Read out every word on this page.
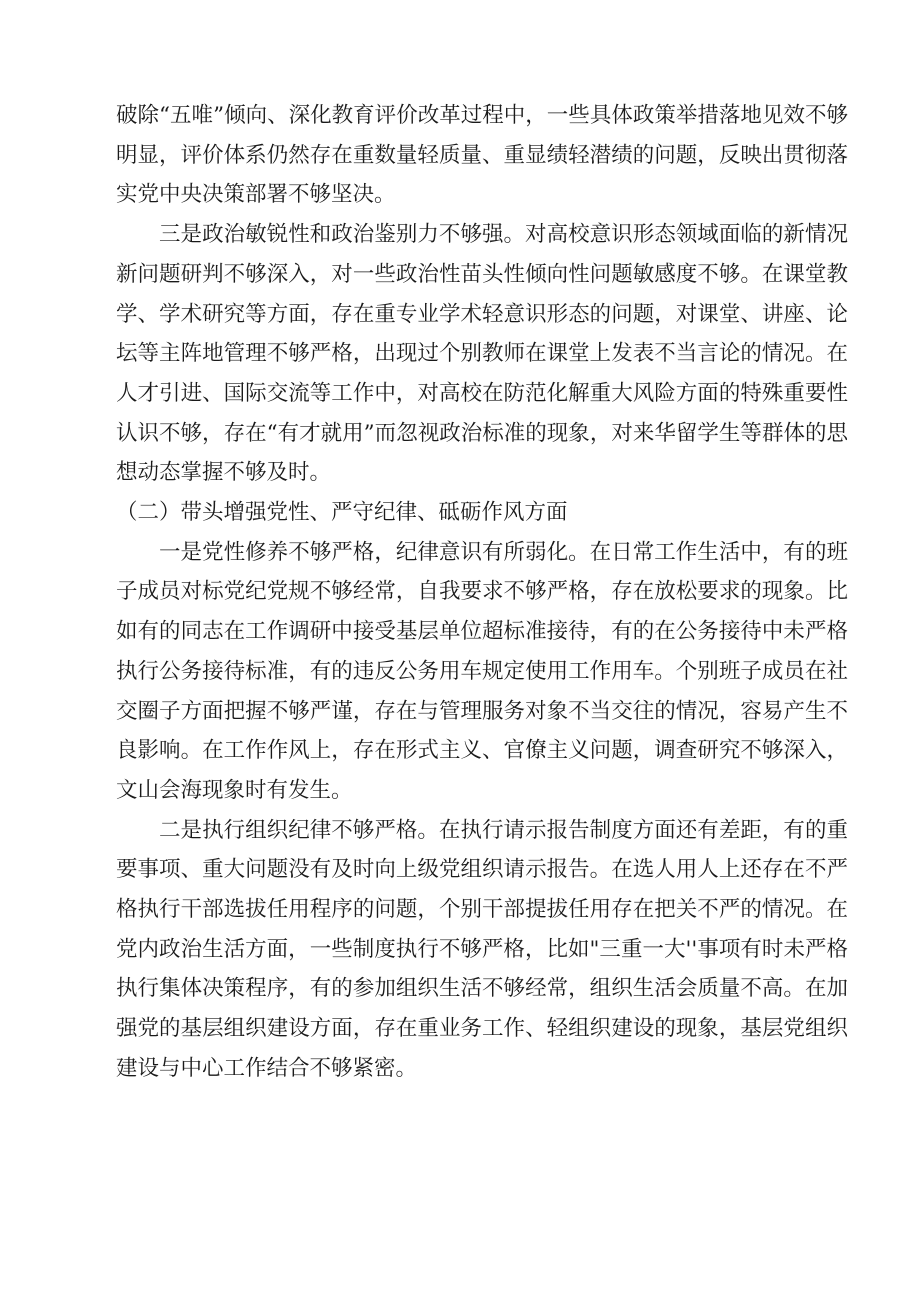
破除“五唯”倾向、深化教育评价改革过程中，一些具体政策举措落地见效不够明显，评价体系仍然存在重数量轻质量、重显绩轻潜绩的问题，反映出贯彻落实党中央决策部署不够坚决。

三是政治敏锐性和政治鉴别力不够强。对高校意识形态领域面临的新情况新问题研判不够深入，对一些政治性苗头性倾向性问题敏感度不够。在课堂教学、学术研究等方面，存在重专业学术轻意识形态的问题，对课堂、讲座、论坛等主阵地管理不够严格，出现过个别教师在课堂上发表不当言论的情况。在人才引进、国际交流等工作中，对高校在防范化解重大风险方面的特殊重要性认识不够，存在“有才就用”而忽视政治标准的现象，对来华留学生等群体的思想动态掌握不够及时。

（二）带头增强党性、严守纪律、砥砺作风方面

一是党性修养不够严格，纪律意识有所弱化。在日常工作生活中，有的班子成员对标党纪党规不够经常，自我要求不够严格，存在放松要求的现象。比如有的同志在工作调研中接受基层单位超标准接待，有的在公务接待中未严格执行公务接待标准，有的违反公务用车规定使用工作用车。个别班子成员在社交圈子方面把握不够严谨，存在与管理服务对象不当交往的情况，容易产生不良影响。在工作作风上，存在形式主义、官僚主义问题，调查研究不够深入，文山会海现象时有发生。

二是执行组织纪律不够严格。在执行请示报告制度方面还有差距，有的重要事项、重大问题没有及时向上级党组织请示报告。在选人用人上还存在不严格执行干部选拔任用程序的问题，个别干部提拔任用存在把关不严的情况。在党内政治生活方面，一些制度执行不够严格，比如"三重一大''事项有时未严格执行集体决策程序，有的参加组织生活不够经常，组织生活会质量不高。在加强党的基层组织建设方面，存在重业务工作、轻组织建设的现象，基层党组织建设与中心工作结合不够紧密。
